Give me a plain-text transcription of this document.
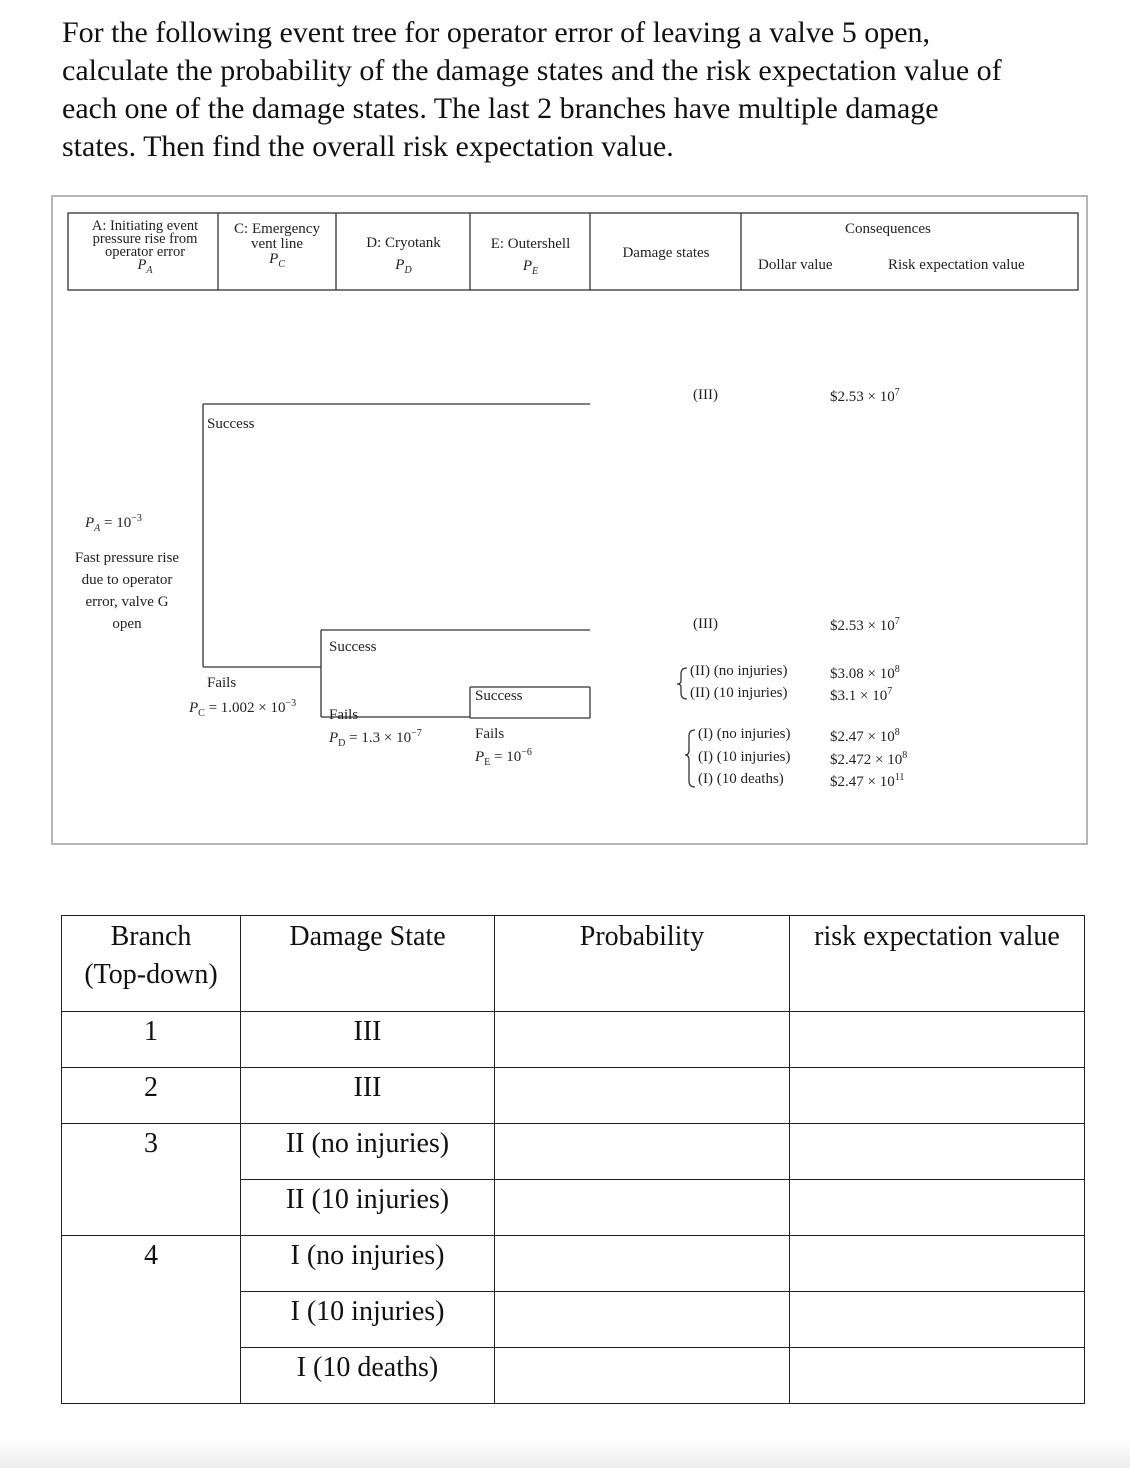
For the following event tree for operator error of leaving a valve 5 open, calculate the probability of the damage states and the risk expectation value of each one of the damage states. The last 2 branches have multiple damage states. Then find the overall risk expectation value.

A: Initiating event
pressure rise from
operator error
$P_A$
C: Emergency
vent line
$P_C$
D: Cryotank
$P_D$
E: Outershell
$P_E$
Damage states
Consequences
Dollar value	Risk expectation value
$P_A = 10^{-3}$
Fast pressure rise
due to operator
error, valve G
open
Success
Fails
$P_C = 1.002 \times 10^{-3}$
Success
Fails
$P_D = 1.3 \times 10^{-7}$
Success
Fails
$P_E = 10^{-6}$
(III)	$2.53 × $10^7$
(III)	$2.53 × $10^7$
(II) (no injuries)	$3.08 × $10^8$
(II) (10 injuries)	$3.1 × $10^7$
(I) (no injuries)	$2.47 × $10^8$
(I) (10 injuries)	$2.472 × $10^8$
(I) (10 deaths)	$2.47 × $10^{11}$
Branch
(Top-down)	Damage State	Probability	risk expectation value
1	III		
2	III		
3	II (no injuries)		
	II (10 injuries)		
4	I (no injuries)		
	I (10 injuries)		
	I (10 deaths)		
